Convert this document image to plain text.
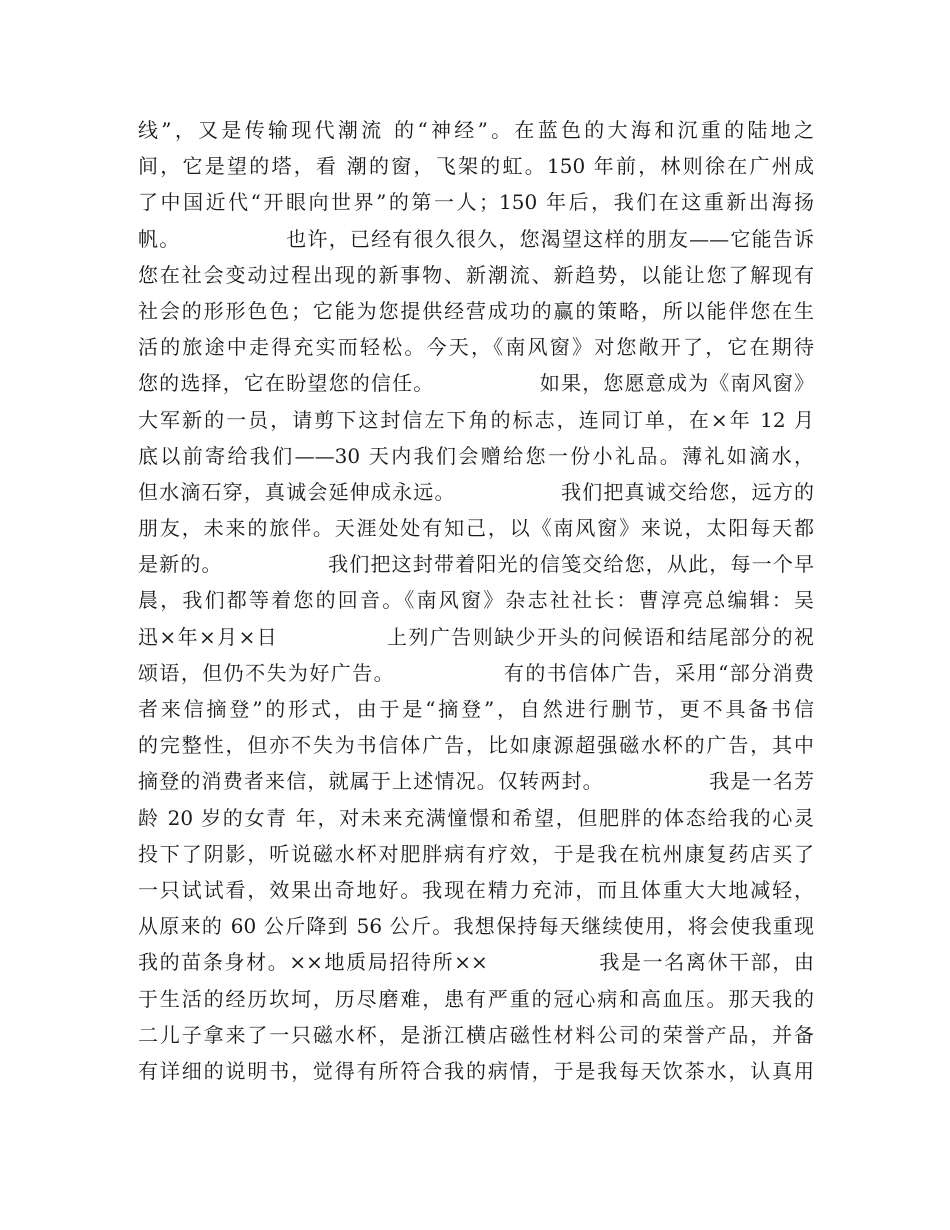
线”，又是传输现代潮流 的“神经”。在蓝色的大海和沉重的陆地之
间，它是望的塔，看 潮的窗，飞架的虹。150 年前，林则徐在广州成
了中国近代“开眼向世界”的第一人；150 年后，我们在这重新出海扬
帆。              也许，已经有很久很久，您渴望这样的朋友——它能告诉
您在社会变动过程出现的新事物、新潮流、新趋势，以能让您了解现有
社会的形形色色；它能为您提供经营成功的赢的策略，所以能伴您在生
活的旅途中走得充实而轻松。今天，《南风窗》对您敞开了，它在期待
您的选择，它在盼望您的信任。              如果，您愿意成为《南风窗》
大军新的一员，请剪下这封信左下角的标志，连同订单，在×年 12 月
底以前寄给我们——30 天内我们会赠给您一份小礼品。薄礼如滴水，
但水滴石穿，真诚会延伸成永远。              我们把真诚交给您，远方的
朋友，未来的旅伴。天涯处处有知己，以《南风窗》来说，太阳每天都
是新的。              我们把这封带着阳光的信笺交给您，从此，每一个早
晨，我们都等着您的回音。《南风窗》杂志社社长：曹淳亮总编辑：吴
迅×年×月×日              上列广告则缺少开头的问候语和结尾部分的祝
颂语，但仍不失为好广告。              有的书信体广告，采用“部分消费
者来信摘登”的形式，由于是“摘登”，自然进行删节，更不具备书信
的完整性，但亦不失为书信体广告，比如康源超强磁水杯的广告，其中
摘登的消费者来信，就属于上述情况。仅转两封。              我是一名芳
龄 20 岁的女青 年，对未来充满憧憬和希望，但肥胖的体态给我的心灵
投下了阴影，听说磁水杯对肥胖病有疗效，于是我在杭州康复药店买了
一只试试看，效果出奇地好。我现在精力充沛，而且体重大大地减轻，
从原来的 60 公斤降到 56 公斤。我想保持每天继续使用，将会使我重现
我的苗条身材。××地质局招待所××              我是一名离休干部，由
于生活的经历坎坷，历尽磨难，患有严重的冠心病和高血压。那天我的
二儿子拿来了一只磁水杯，是浙江横店磁性材料公司的荣誉产品，并备
有详细的说明书，觉得有所符合我的病情，于是我每天饮茶水，认真用
